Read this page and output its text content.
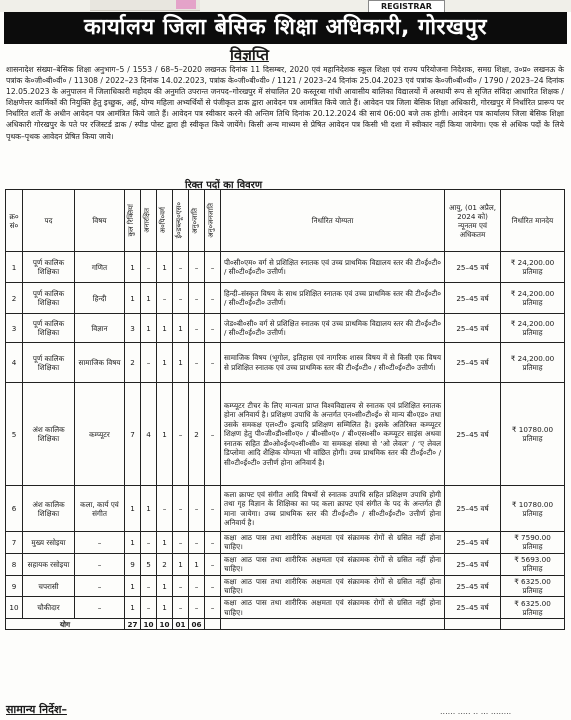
REGISTRAR
कार्यालय जिला बेसिक शिक्षा अधिकारी, गोरखपुर
विज्ञप्ति
शासनादेश संख्या–बेसिक शिक्षा अनुभाग–5 / 1553 / 68–5–2020 लखनऊ दिनांक 11 दिसम्बर, 2020 एवं महानिदेशक स्कूल शिक्षा एवं राज्य परियोजना निदेशक, समग्र शिक्षा, उ०प्र० लखनऊ के पत्रांक के०जी०बी०वी० / 11308 / 2022–23 दिनांक 14.02.2023, पत्रांक के०जी०बी०वी० / 1121 / 2023–24 दिनांक 25.04.2023 एवं पत्रांक के०जी०बी०वी० / 1790 / 2023–24 दिनांक 12.05.2023 के अनुपालन में जिलाधिकारी महोदय की अनुमति उपरान्त जनपद–गोरखपुर में संचालित 20 कस्तूरबा गांधी आवासीय बालिका विद्यालयों में अस्थायी रूप से सृजित संविदा आधारित शिक्षक / शिक्षणेत्तर कार्मिकों की नियुक्ति हेतु इच्छुक, अर्ह, योग्य महिला अभ्यर्थियों से पंजीकृत डाक द्वारा आवेदन पत्र आमंत्रित किये जाते हैं। आवेदन पत्र जिला बेसिक शिक्षा अधिकारी, गोरखपुर में निर्धारित प्रारूप पर निर्धारित शर्तों के अधीन आवेदन पत्र आमंत्रित किये जाते हैं। आवेदन पत्र स्वीकार करने की अन्तिम तिथि दिनांक 20.12.2024 की सायं 06:00 बजे तक होगी। आवेदन पत्र कार्यालय जिला बेसिक शिक्षा अधिकारी गोरखपुर के पते पर रजिस्टर्ड डाक / स्पीड पोस्ट द्वारा ही स्वीकृत किये जायेंगे। किसी अन्य माध्यम से प्रेषित आवेदन पत्र किसी भी दशा में स्वीकार नहीं किया जायेगा। एक से अधिक पदों के लिये पृथक–पृथक आवेदन प्रेषित किया जाये।
रिक्त पदों का विवरण
क्र० सं०	पद	विषय	कुल रिक्तियां	अनारक्षित	अ०पि०वर्ग	ई०डब्ल्यू०एस०	अनु०जाति	अनु०जनजाति	निर्धारित योग्यता	आयु, (01 अप्रैल, 2024 को) न्यूनतम एवं अधिकतम	निर्धारित मानदेय
1	पूर्ण कालिक शिक्षिका	गणित	1	–	1	–	–	–	पी०सी०एम० वर्ग से प्रशिक्षित स्नातक एवं उच्च प्राथमिक विद्यालय स्तर की टी०ई०टी० / सी०टी०ई०टी० उत्तीर्ण।	25–45 वर्ष	₹ 24,200.00
प्रतिमाह

2	पूर्ण कालिक शिक्षिका	हिन्दी	1	1	–	–	–	–	हिन्दी–संस्कृत विषय के साथ प्रशिक्षित स्नातक एवं उच्च प्राथमिक स्तर की टी०ई०टी० / सी०टी०ई०टी० उत्तीर्ण।	25–45 वर्ष	₹ 24,200.00
प्रतिमाह

3	पूर्ण कालिक शिक्षिका	विज्ञान	3	1	1	1	–	–	जेड०बी०सी० वर्ग से प्रशिक्षित स्नातक एवं उच्च प्राथमिक विद्यालय स्तर की टी०ई०टी० / सी०टी०ई०टी० उत्तीर्ण।	25–45 वर्ष	₹ 24,200.00
प्रतिमाह

4	पूर्ण कालिक शिक्षिका	सामाजिक विषय	2	–	1	1	–	–	सामाजिक विषय (भूगोल, इतिहास एवं नागरिक शास्त्र विषय में से किसी एक विषय से प्रशिक्षित स्नातक एवं उच्च प्राथमिक स्तर की टी०ई०टी० / सी०टी०ई०टी० उत्तीर्ण।	25–45 वर्ष	₹ 24,200.00
प्रतिमाह

5	अंश कालिक शिक्षिका	कम्प्यूटर	7	4	1	–	2	–	कम्प्यूटर टीचर के लिए मान्यता प्राप्त विश्वविद्यालय से स्नातक एवं प्रशिक्षित स्नातक होना अनिवार्य है। प्रशिक्षण उपाधि के अन्तर्गत एन०सी०टी०ई० से मान्य बी०एड० तथा उसके समकक्ष एल०टी० इत्यादि प्रशिक्षण सम्मिलित है। इसके अतिरिक्त कम्प्यूटर शिक्षण हेतु पी०जी०डी०सी०ए० / बी०सी०ए० / बी०एस०सी० कम्प्यूटर साइंस अथवा स्नातक सहित डी०ओ०ई०ए०सी०सी० या समकक्ष संस्था से ‘ओ लेवल’ / ‘ए लेवल डिप्लोमा आदि शैक्षिक योग्यता भी वांछित होगी। उच्च प्राथमिक स्तर की टी०ई०टी० / सी०टी०ई०टी० उत्तीर्ण होना अनिवार्य है।	25–45 वर्ष	₹ 10780.00
प्रतिमाह

6	अंश कालिक शिक्षिका	कला, कार्य एवं संगीत	1	1	–	–	–	–	कला क्राफ्ट एवं संगीत आदि विषयों से स्नातक उपाधि सहित प्रशिक्षण उपाधि होगी तथा गृह विज्ञान के शिक्षिका का पद कला क्राफ्ट एवं संगीत के पद के अन्तर्गत ही माना जायेगा। उच्च प्राथमिक स्तर की टी०ई०टी० / सी०टी०ई०टी० उत्तीर्ण होना अनिवार्य है।	25–45 वर्ष	₹ 10780.00
प्रतिमाह

7	मुख्य रसोइया	–	1	–	1	–	–	–	कक्षा आठ पास तथा शारीरिक अक्षमता एवं संक्रामक रोगों से ग्रसित नहीं होना चाहिए।	25–45 वर्ष	₹ 7590.00
प्रतिमाह

8	सहायक रसोइया	–	9	5	2	1	1	–	कक्षा आठ पास तथा शारीरिक अक्षमता एवं संक्रामक रोगों से ग्रसित नहीं होना चाहिए।	25–45 वर्ष	₹ 5693.00
प्रतिमाह

9	चपरासी	–	1	–	1	–	–	–	कक्षा आठ पास तथा शारीरिक अक्षमता एवं संक्रामक रोगों से ग्रसित नहीं होना चाहिए।	25–45 वर्ष	₹ 6325.00
प्रतिमाह

10	चौकीदार	–	1	–	1	–	–	–	कक्षा आठ पास तथा शारीरिक अक्षमता एवं संक्रामक रोगों से ग्रसित नहीं होना चाहिए।	25–45 वर्ष	₹ 6325.00
प्रतिमाह

योग			27	10	10	01	06				
सामान्य निर्देश–	...... ..... .. ... ........
